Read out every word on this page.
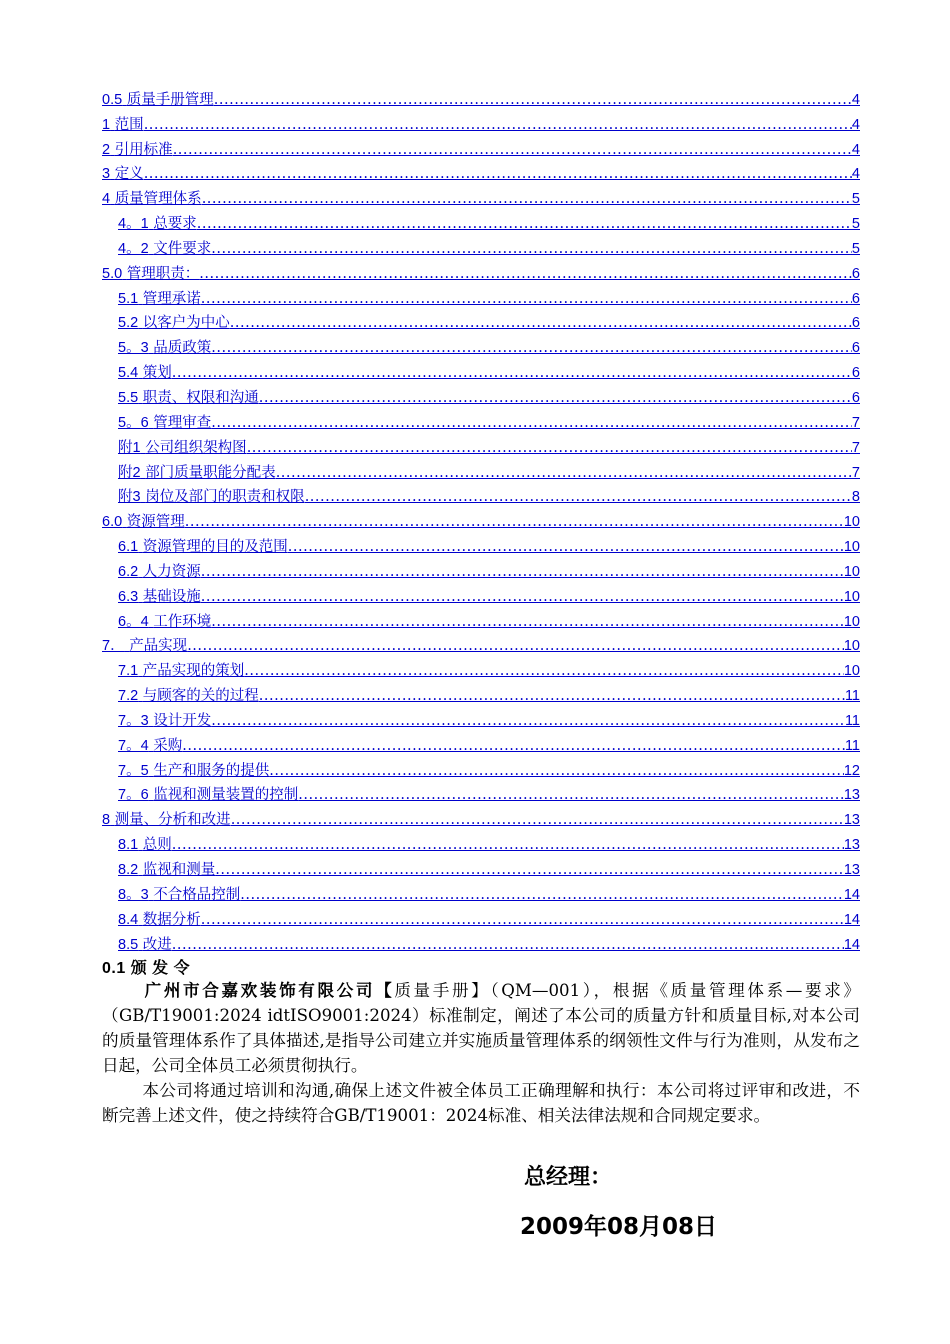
0.5 质量手册管理 .....	4
1 范围 .....	4
2 引用标准 .....	4
3 定义 .....	4
4 质量管理体系 .....	5
4。1 总要求 .....	5
4。2 文件要求 .....	5
5.0 管理职责： .....	6
5.1 管理承诺 .....	6
5.2 以客户为中心 .....	6
5。3 品质政策 .....	6
5.4 策划 .....	6
5.5 职责、权限和沟通 .....	6
5。6 管理审查 .....	7
附1 公司组织架构图 .....	7
附2 部门质量职能分配表 .....	7
附3 岗位及部门的职责和权限 .....	8
6.0 资源管理 .....	10
6.1 资源管理的目的及范围 .....	10
6.2 人力资源 .....	10
6.3 基础设施 .....	10
6。4 工作环境 .....	10
7． 产品实现 .....	10
7.1 产品实现的策划 .....	10
7.2 与顾客的关的过程 .....	11
7。3 设计开发 .....	11
7。4 采购 .....	11
7。5 生产和服务的提供 .....	12
7。6 监视和测量装置的控制 .....	13
8 测量、分析和改进 .....	13
8.1 总则 .....	13
8.2 监视和测量 .....	13
8。3 不合格品控制 .....	14
8.4 数据分析 .....	14
8.5 改进 .....	14
0.1 颁 发 令
广州市合嘉欢装饰有限公司【质量手册】（QM—001），根据《质量管理体系—要求》（GB/T19001:2024 idtISO9001:2024）标准制定，阐述了本公司的质量方针和质量目标,对本公司的质量管理体系作了具体描述,是指导公司建立并实施质量管理体系的纲领性文件与行为准则，从发布之日起，公司全体员工必须贯彻执行。
本公司将通过培训和沟通,确保上述文件被全体员工正确理解和执行：本公司将过评审和改进，不断完善上述文件，使之持续符合GB/T19001：2024标准、相关法律法规和合同规定要求。
总经理：
2009年08月08日
